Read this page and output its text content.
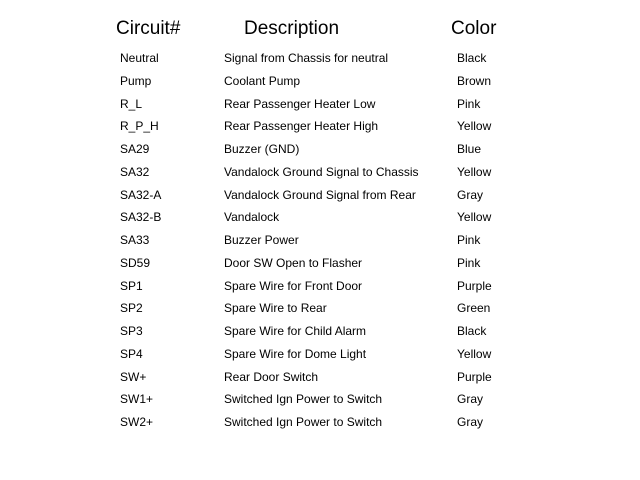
Circuit#	Description	Color
Neutral	Signal from Chassis for neutral	Black
Pump	Coolant Pump	Brown
R_L	Rear Passenger Heater Low	Pink
R_P_H	Rear Passenger Heater High	Yellow
SA29	Buzzer (GND)	Blue
SA32	Vandalock Ground Signal to Chassis	Yellow
SA32-A	Vandalock Ground Signal from Rear	Gray
SA32-B	Vandalock	Yellow
SA33	Buzzer Power	Pink
SD59	Door SW Open to Flasher	Pink
SP1	Spare Wire for Front Door	Purple
SP2	Spare Wire to Rear	Green
SP3	Spare Wire for Child Alarm	Black
SP4	Spare Wire for Dome Light	Yellow
SW+	Rear Door Switch	Purple
SW1+	Switched Ign Power to Switch	Gray
SW2+	Switched Ign Power to Switch	Gray
